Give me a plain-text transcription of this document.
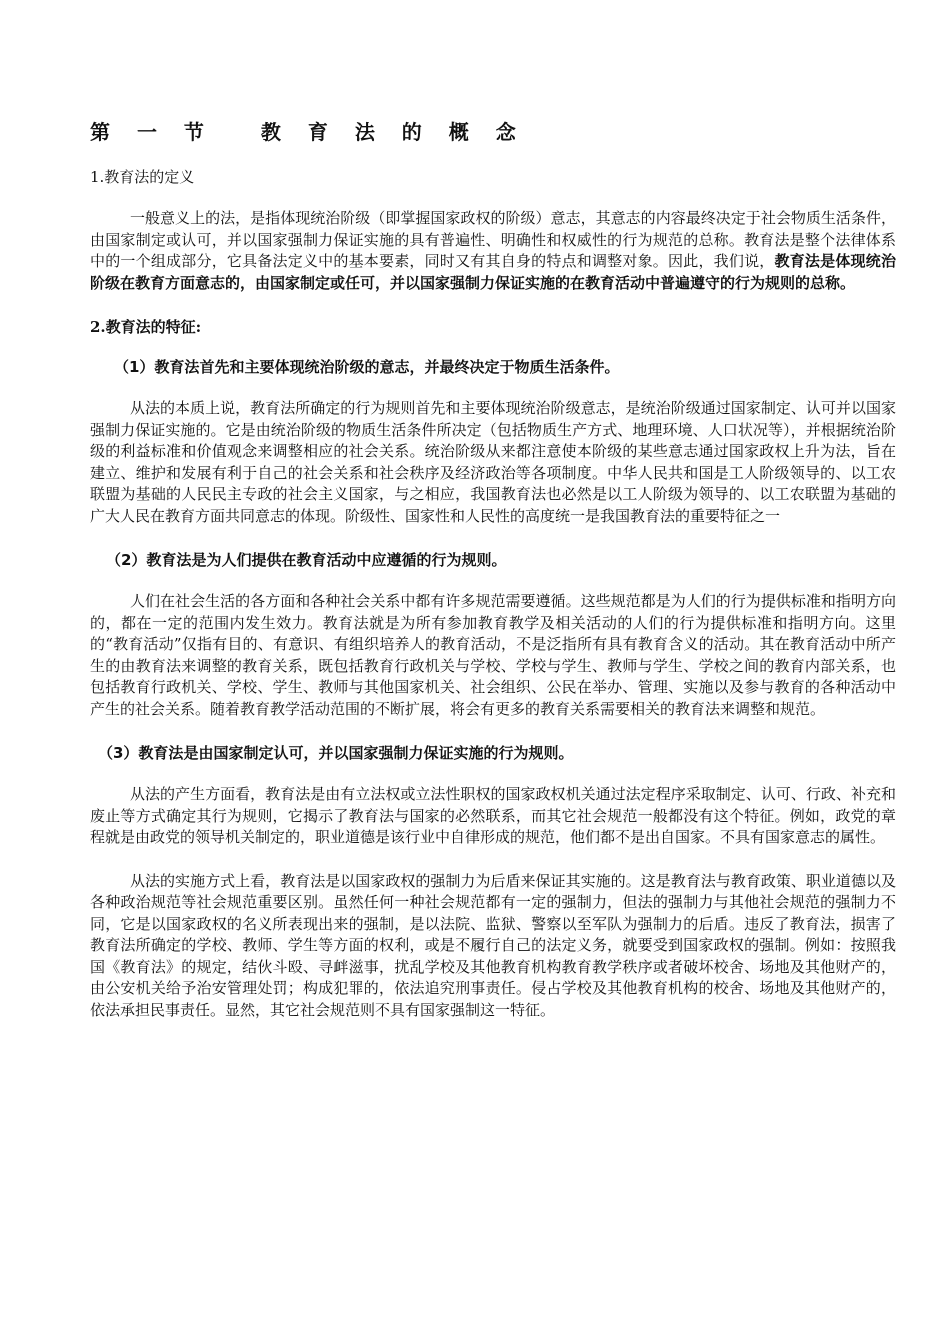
第 一 节　 教 育 法 的 概 念
1.教育法的定义
一般意义上的法，是指体现统治阶级（即掌握国家政权的阶级）意志，其意志的内容最终决定于社会物质生活条件，由国家制定或认可，并以国家强制力保证实施的具有普遍性、明确性和权威性的行为规范的总称。教育法是整个法律体系中的一个组成部分，它具备法定义中的基本要素，同时又有其自身的特点和调整对象。因此，我们说，教育法是体现统治阶级在教育方面意志的，由国家制定或任可，并以国家强制力保证实施的在教育活动中普遍遵守的行为规则的总称。
2.教育法的特征:
（1）教育法首先和主要体现统治阶级的意志，并最终决定于物质生活条件。
从法的本质上说，教育法所确定的行为规则首先和主要体现统治阶级意志，是统治阶级通过国家制定、认可并以国家强制力保证实施的。它是由统治阶级的物质生活条件所决定（包括物质生产方式、地理环境、人口状况等），并根据统治阶级的利益标准和价值观念来调整相应的社会关系。统治阶级从来都注意使本阶级的某些意志通过国家政权上升为法，旨在建立、维护和发展有利于自己的社会关系和社会秩序及经济政治等各项制度。中华人民共和国是工人阶级领导的、以工农联盟为基础的人民民主专政的社会主义国家，与之相应，我国教育法也必然是以工人阶级为领导的、以工农联盟为基础的广大人民在教育方面共同意志的体现。阶级性、国家性和人民性的高度统一是我国教育法的重要特征之一
（2）教育法是为人们提供在教育活动中应遵循的行为规则。
人们在社会生活的各方面和各种社会关系中都有许多规范需要遵循。这些规范都是为人们的行为提供标准和指明方向的，都在一定的范围内发生效力。教育法就是为所有参加教育教学及相关活动的人们的行为提供标准和指明方向。这里的“教育活动”仅指有目的、有意识、有组织培养人的教育活动，不是泛指所有具有教育含义的活动。其在教育活动中所产生的由教育法来调整的教育关系，既包括教育行政机关与学校、学校与学生、教师与学生、学校之间的教育内部关系，也包括教育行政机关、学校、学生、教师与其他国家机关、社会组织、公民在举办、管理、实施以及参与教育的各种活动中产生的社会关系。随着教育教学活动范围的不断扩展，将会有更多的教育关系需要相关的教育法来调整和规范。
（3）教育法是由国家制定认可，并以国家强制力保证实施的行为规则。
从法的产生方面看，教育法是由有立法权或立法性职权的国家政权机关通过法定程序采取制定、认可、行政、补充和废止等方式确定其行为规则，它揭示了教育法与国家的必然联系，而其它社会规范一般都没有这个特征。例如，政党的章程就是由政党的领导机关制定的，职业道德是该行业中自律形成的规范，他们都不是出自国家。不具有国家意志的属性。
从法的实施方式上看，教育法是以国家政权的强制力为后盾来保证其实施的。这是教育法与教育政策、职业道德以及各种政治规范等社会规范重要区别。虽然任何一种社会规范都有一定的强制力，但法的强制力与其他社会规范的强制力不同，它是以国家政权的名义所表现出来的强制，是以法院、监狱、警察以至军队为强制力的后盾。违反了教育法，损害了教育法所确定的学校、教师、学生等方面的权利，或是不履行自己的法定义务，就要受到国家政权的强制。例如：按照我国《教育法》的规定，结伙斗殴、寻衅滋事，扰乱学校及其他教育机构教育教学秩序或者破坏校舍、场地及其他财产的，由公安机关给予治安管理处罚；构成犯罪的，依法追究刑事责任。侵占学校及其他教育机构的校舍、场地及其他财产的，依法承担民事责任。显然，其它社会规范则不具有国家强制这一特征。
